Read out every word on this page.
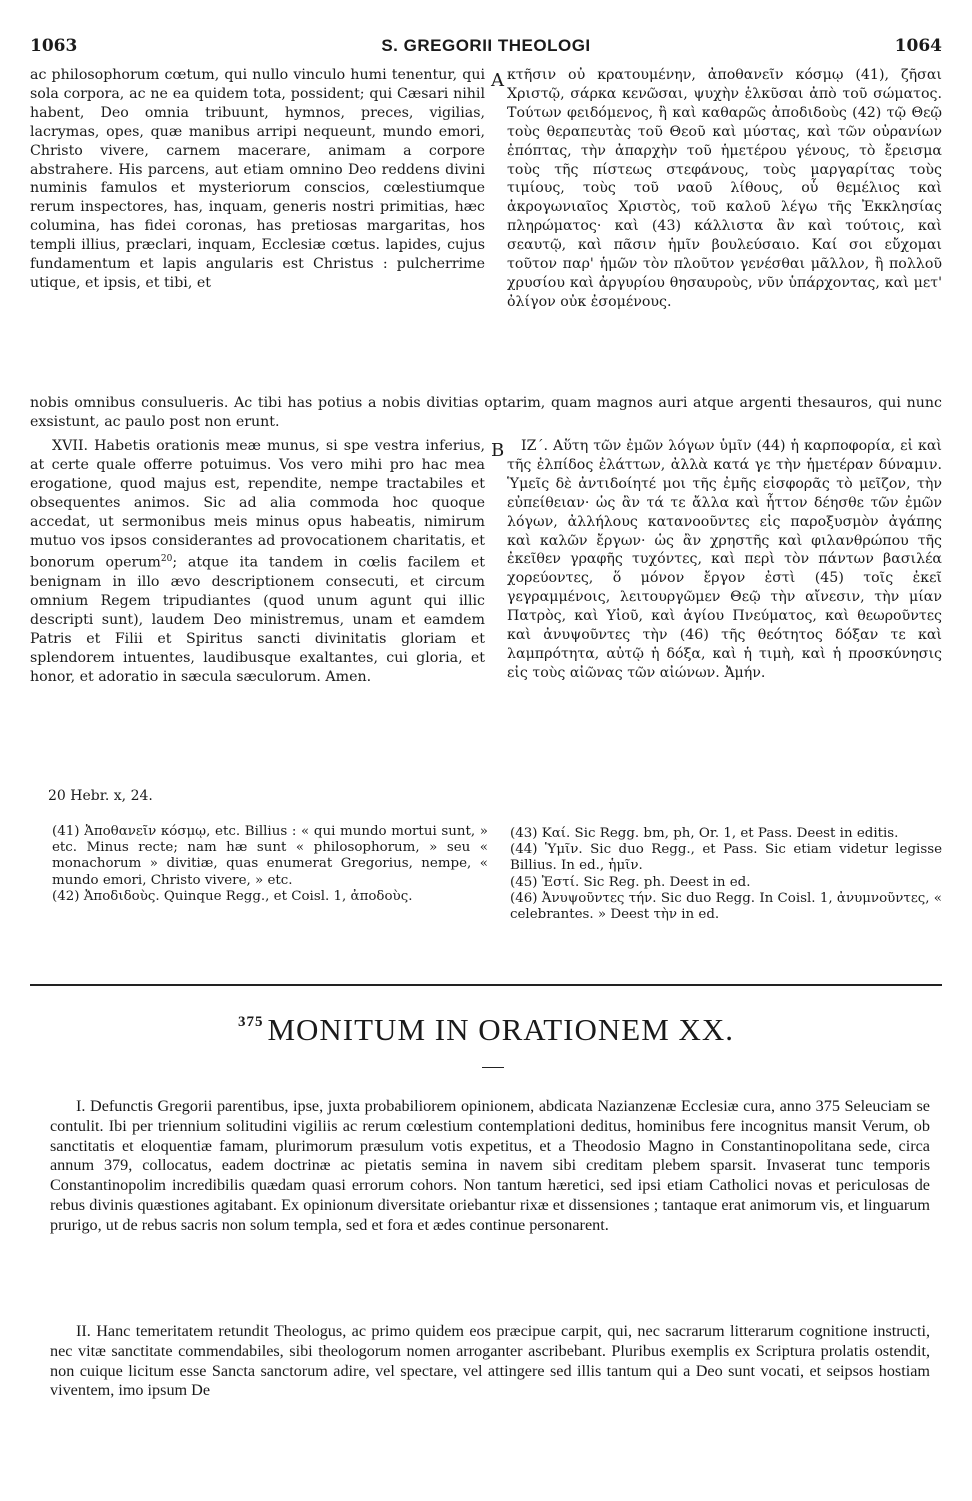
1063	S. GREGORII THEOLOGI	1064

ac philosophorum cœtum, qui nullo vinculo humi tenentur, qui sola corpora, ac ne ea quidem tota, possident; qui Cæsari nihil habent, Deo omnia tribuunt, hymnos, preces, vigilias, lacrymas, opes, quæ manibus arripi nequeunt, mundo emori, Christo vivere, carnem macerare, animam a corpore abstrahere. His parcens, aut etiam omnino Deo reddens divini numinis famulos et mysteriorum conscios, cœlestiumque rerum inspectores, has, inquam, generis nostri primitias, hæc columina, has fidei coronas, has pretiosas margaritas, hos templi illius, præclari, inquam, Ecclesiæ cœtus. lapides, cujus fundamentum et lapis angularis est Christus : pulcherrime utique, et ipsis, et tibi, et

A κτῆσιν οὐ κρατουμένην, ἀποθανεῖν κόσμῳ (41), ζῆσαι Χριστῷ, σάρκα κενῶσαι, ψυχὴν ἑλκῦσαι ἀπὸ τοῦ σώματος. Τούτων φειδόμενος, ἢ καὶ καθαρῶς ἀποδιδοὺς (42) τῷ Θεῷ τοὺς θεραπευτὰς τοῦ Θεοῦ καὶ μύστας, καὶ τῶν οὐρανίων ἐπόπτας, τὴν ἀπαρχὴν τοῦ ἡμετέρου γένους, τὸ ἔρεισμα τοὺς τῆς πίστεως στεφάνους, τοὺς μαργαρίτας τοὺς τιμίους, τοὺς τοῦ ναοῦ λίθους, οὗ θεμέλιος καὶ ἀκρογωνιαῖος Χριστὸς, τοῦ καλοῦ λέγω τῆς Ἐκκλησίας πληρώματος· καὶ (43) κάλλιστα ἂν καὶ τούτοις, καὶ σεαυτῷ, καὶ πᾶσιν ἡμῖν βουλεύσαιο. Καί σοι εὔχομαι τοῦτον παρ' ἡμῶν τὸν πλοῦτον γενέσθαι μᾶλλον, ἢ πολλοῦ χρυσίου καὶ ἀργυρίου θησαυροὺς, νῦν ὑπάρχοντας, καὶ μετ' ὀλίγον οὐκ ἐσομένους.

nobis omnibus consulueris. Ac tibi has potius a nobis divitias optarim, quam magnos auri atque argenti thesauros, qui nunc exsistunt, ac paulo post non erunt.

XVII. Habetis orationis meæ munus, si spe vestra inferius, at certe quale offerre potuimus. Vos vero mihi pro hac mea erogatione, quod majus est, rependite, nempe tractabiles et obsequentes animos. Sic ad alia commoda hoc quoque accedat, ut sermonibus meis minus opus habeatis, nimirum mutuo vos ipsos considerantes ad provocationem charitatis, et bonorum operum$^{20}$; atque ita tandem in cœlis facilem et benignam in illo ævo descriptionem consecuti, et circum omnium Regem tripudiantes (quod unum agunt qui illic descripti sunt), laudem Deo ministremus, unam et eamdem Patris et Filii et Spiritus sancti divinitatis gloriam et splendorem intuentes, laudibusque exaltantes, cui gloria, et honor, et adoratio in sæcula sæculorum. Amen.

B	ΙΖ΄. Αὕτη τῶν ἐμῶν λόγων ὑμῖν (44) ἡ καρποφορία, εἰ καὶ τῆς ἐλπίδος ἐλάττων, ἀλλὰ κατά γε τὴν ἡμετέραν δύναμιν. Ὑμεῖς δὲ ἀντιδοίητέ μοι τῆς ἐμῆς εἰσφορᾶς τὸ μεῖζον, τὴν εὐπείθειαν· ὡς ἂν τά τε ἄλλα καὶ ἧττον δέησθε τῶν ἐμῶν λόγων, ἀλλήλους κατανοοῦντες εἰς παροξυσμὸν ἀγάπης καὶ καλῶν ἔργων· ὡς ἂν χρηστῆς καὶ φιλανθρώπου τῆς ἐκεῖθεν γραφῆς τυχόντες, καὶ περὶ τὸν πάντων βασιλέα χορεύοντες, ὅ μόνον ἔργον ἐστὶ (45) τοῖς ἐκεῖ γεγραμμένοις, λειτουργῶμεν Θεῷ τὴν αἴνεσιν, τὴν μίαν Πατρὸς, καὶ Υἱοῦ, καὶ ἁγίου Πνεύματος, καὶ θεωροῦντες καὶ ἀνυψοῦντες τὴν (46) τῆς θεότητος δόξαν τε καὶ λαμπρότητα, αὐτῷ ἡ δόξα, καὶ ἡ τιμὴ, καὶ ἡ προσκύνησις εἰς τοὺς αἰῶνας τῶν αἰώνων. Ἀμήν.

20 Hebr. x, 24.

(41) Ἀποθανεῖν κόσμῳ, etc. Billius : « qui mundo mortui sunt, » etc. Minus recte; nam hæ sunt « philosophorum, » seu « monachorum » divitiæ, quas enumerat Gregorius, nempe, « mundo emori, Christo vivere, » etc.

(42) Ἀποδιδοὺς. Quinque Regg., et Coisl. 1, ἀποδοὺς.

(43) Καί. Sic Regg. bm, ph, Or. 1, et Pass. Deest in editis.

(44) Ὑμῖν. Sic duo Regg., et Pass. Sic etiam videtur legisse Billius. In ed., ἡμῖν.

(45) Ἐστί. Sic Reg. ph. Deest in ed.

(46) Ἀνυψοῦντες τήν. Sic duo Regg. In Coisl. 1, ἀνυμνοῦντες, « celebrantes. » Deest τὴν in ed.

$^{375}$ MONITUM IN ORATIONEM XX.

I. Defunctis Gregorii parentibus, ipse, juxta probabiliorem opinionem, abdicata Nazianzenæ Ecclesiæ cura, anno 375 Seleuciam se contulit. Ibi per triennium solitudini vigiliis ac rerum cœlestium contemplationi deditus, hominibus fere incognitus mansit Verum, ob sanctitatis et eloquentiæ famam, plurimorum præsulum votis expetitus, et a Theodosio Magno in Constantinopolitana sede, circa annum 379, collocatus, eadem doctrinæ ac pietatis semina in navem sibi creditam plebem sparsit. Invaserat tunc temporis Constantinopolim incredibilis quædam quasi errorum cohors. Non tantum hæretici, sed ipsi etiam Catholici novas et periculosas de rebus divinis quæstiones agitabant. Ex opinionum diversitate oriebantur rixæ et dissensiones ; tantaque erat animorum vis, et linguarum prurigo, ut de rebus sacris non solum templa, sed et fora et ædes continue personarent.

II. Hanc temeritatem retundit Theologus, ac primo quidem eos præcipue carpit, qui, nec sacrarum litterarum cognitione instructi, nec vitæ sanctitate commendabiles, sibi theologorum nomen arroganter ascribebant. Pluribus exemplis ex Scriptura prolatis ostendit, non cuique licitum esse Sancta sanctorum adire, vel spectare, vel attingere sed illis tantum qui a Deo sunt vocati, et seipsos hostiam viventem, imo ipsum De
